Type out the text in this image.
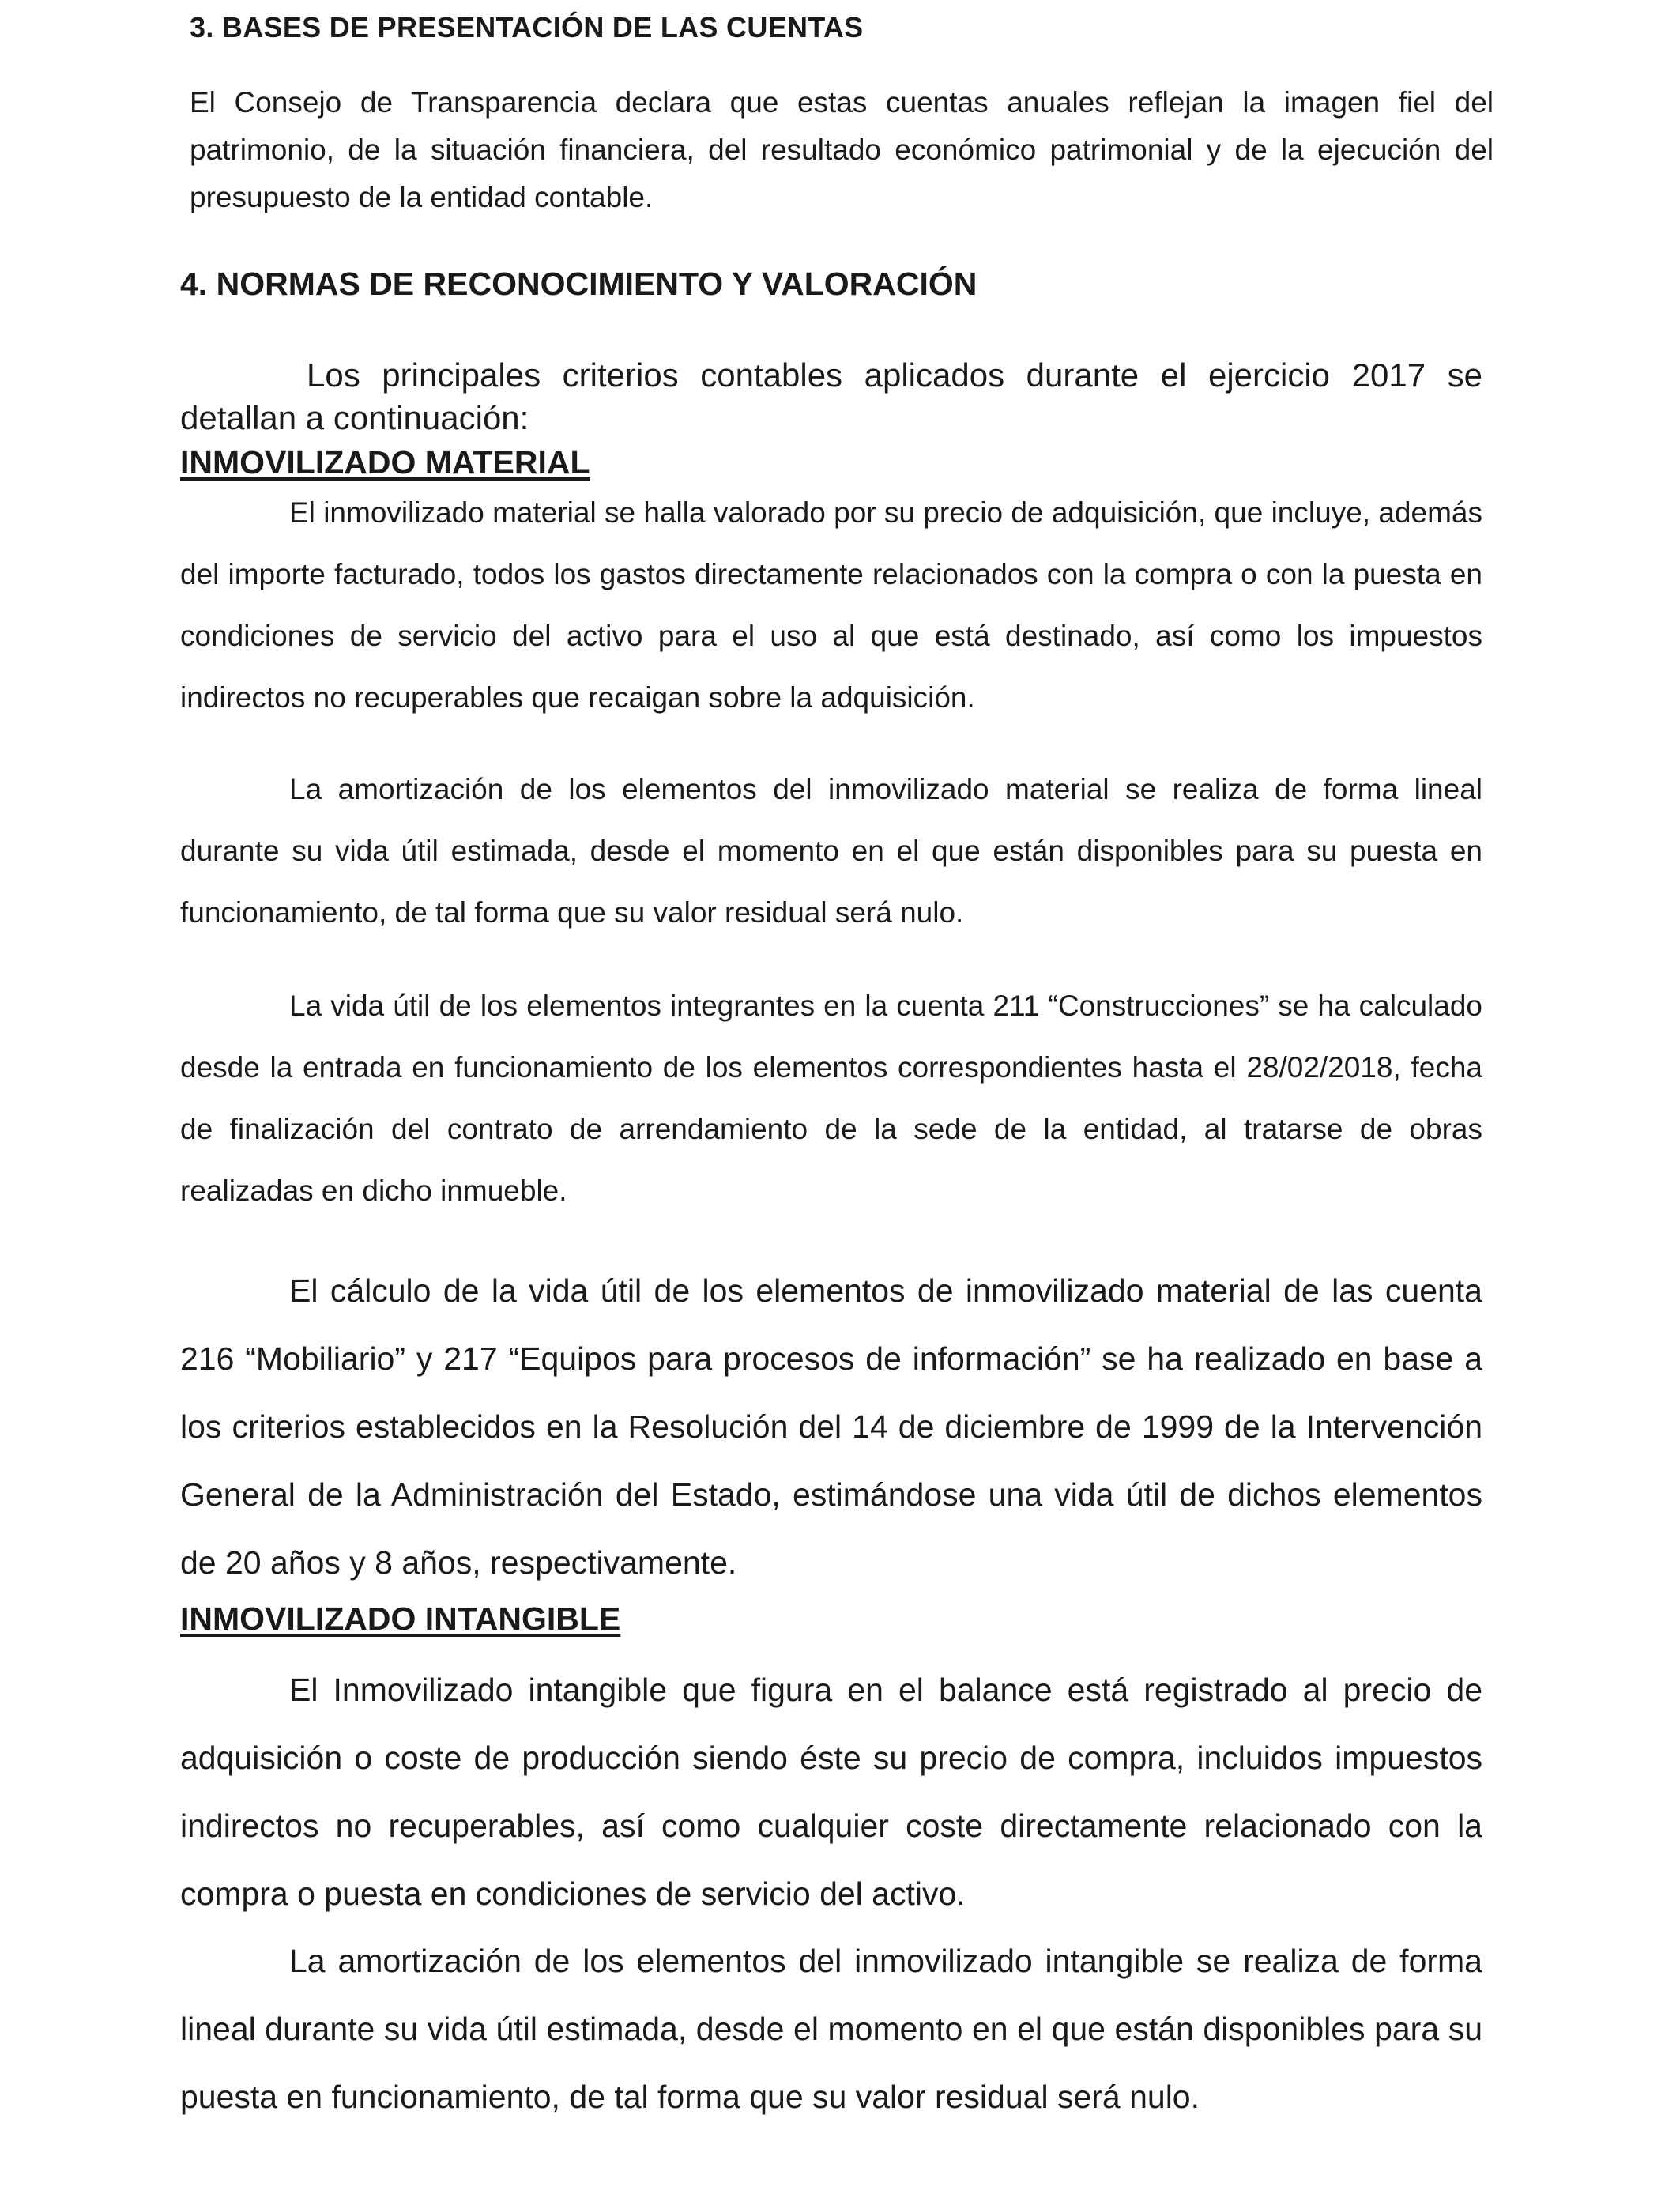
3. BASES DE PRESENTACIÓN DE LAS CUENTAS

El Consejo de Transparencia declara que estas cuentas anuales reflejan la imagen fiel del patrimonio, de la situación financiera, del resultado económico patrimonial y de la ejecución del presupuesto de la entidad contable.

4. NORMAS DE RECONOCIMIENTO Y VALORACIÓN
Los principales criterios contables aplicados durante el ejercicio 2017 se
detallan a continuación:
INMOVILIZADO MATERIAL

El inmovilizado material se halla valorado por su precio de adquisición, que incluye, además del importe facturado, todos los gastos directamente relacionados con la compra o con la puesta en condiciones de servicio del activo para el uso al que está destinado, así como los impuestos indirectos no recuperables que recaigan sobre la adquisición.

La amortización de los elementos del inmovilizado material se realiza de forma lineal durante su vida útil estimada, desde el momento en el que están disponibles para su puesta en funcionamiento, de tal forma que su valor residual será nulo.

La vida útil de los elementos integrantes en la cuenta 211 “Construcciones” se ha calculado desde la entrada en funcionamiento de los elementos correspondientes hasta el 28/02/2018, fecha de finalización del contrato de arrendamiento de la sede de la entidad, al tratarse de obras realizadas en dicho inmueble.

El cálculo de la vida útil de los elementos de inmovilizado material de las cuenta 216 “Mobiliario” y 217 “Equipos para procesos de información” se ha realizado en base a los criterios establecidos en la Resolución del 14 de diciembre de 1999 de la Intervención General de la Administración del Estado, estimándose una vida útil de dichos elementos de 20 años y 8 años, respectivamente.

INMOVILIZADO INTANGIBLE

El Inmovilizado intangible que figura en el balance está registrado al precio de adquisición o coste de producción siendo éste su precio de compra, incluidos impuestos indirectos no recuperables, así como cualquier coste directamente relacionado con la compra o puesta en condiciones de servicio del activo.

La amortización de los elementos del inmovilizado intangible se realiza de forma lineal durante su vida útil estimada, desde el momento en el que están disponibles para su puesta en funcionamiento, de tal forma que su valor residual será nulo.
